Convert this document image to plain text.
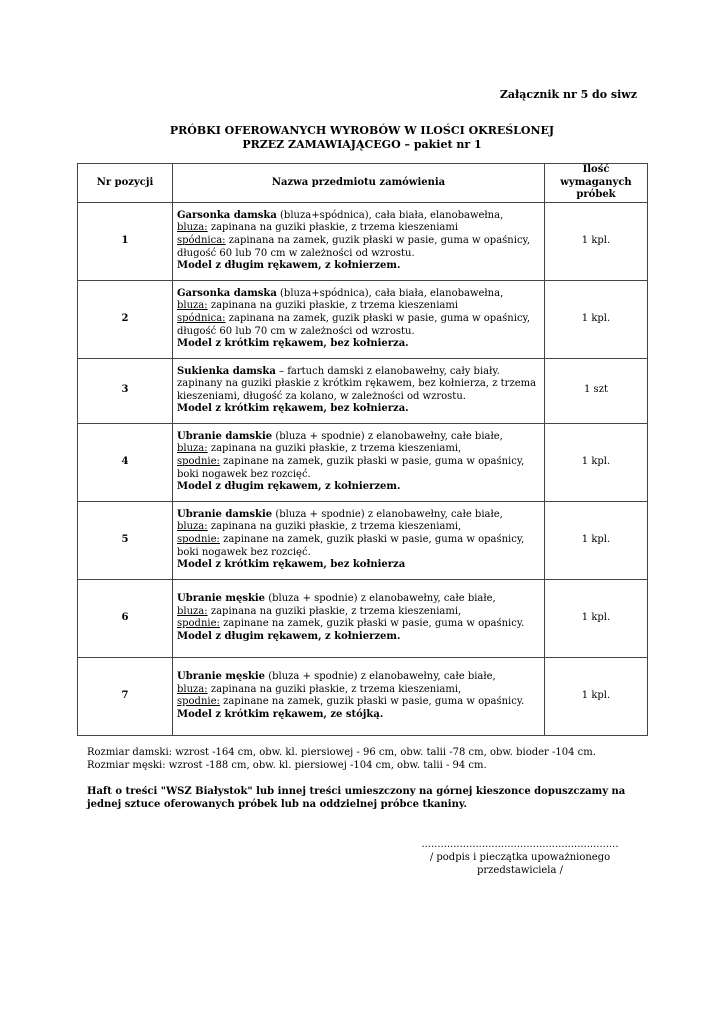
Załącznik nr 5 do siwz
PRÓBKI OFEROWANYCH WYROBÓW W ILOŚCI OKREŚLONEJ
PRZEZ ZAMAWIAJĄCEGO – pakiet nr 1
Nr pozycji	Nazwa przedmiotu zamówienia	Ilość
wymaganych
próbek

1	Garsonka damska (bluza+spódnica), cała biała, elanobawełna,
bluza: zapinana na guziki płaskie, z trzema kieszeniami
spódnica: zapinana na zamek, guzik płaski w pasie, guma w opaśnicy, długość 60 lub 70 cm w zależności od wzrostu.
Model z długim rękawem, z kołnierzem.	1 kpl.
2	Garsonka damska (bluza+spódnica), cała biała, elanobawełna,
bluza: zapinana na guziki płaskie, z trzema kieszeniami
spódnica: zapinana na zamek, guzik płaski w pasie, guma w opaśnicy, długość 60 lub 70 cm w zależności od wzrostu.
Model z krótkim rękawem, bez kołnierza.	1 kpl.
3	Sukienka damska – fartuch damski z elanobawełny, cały biały. zapinany na guziki płaskie z krótkim rękawem, bez kołnierza, z trzema kieszeniami, długość za kolano, w zależności od wzrostu.
Model z krótkim rękawem, bez kołnierza.	1 szt
4	Ubranie damskie (bluza + spodnie) z elanobawełny, całe białe,
bluza: zapinana na guziki płaskie, z trzema kieszeniami,
spodnie: zapinane na zamek, guzik płaski w pasie, guma w opaśnicy, boki nogawek bez rozcięć.
Model z długim rękawem, z kołnierzem.	1 kpl.
5	Ubranie damskie (bluza + spodnie) z elanobawełny, całe białe,
bluza: zapinana na guziki płaskie, z trzema kieszeniami,
spodnie: zapinane na zamek, guzik płaski w pasie, guma w opaśnicy, boki nogawek bez rozcięć.
Model z krótkim rękawem, bez kołnierza	1 kpl.
6	Ubranie męskie (bluza + spodnie) z elanobawełny, całe białe,
bluza: zapinana na guziki płaskie, z trzema kieszeniami,
spodnie: zapinane na zamek, guzik płaski w pasie, guma w opaśnicy.
Model z długim rękawem, z kołnierzem.	1 kpl.
7	Ubranie męskie (bluza + spodnie) z elanobawełny, całe białe,
bluza: zapinana na guziki płaskie, z trzema kieszeniami,
spodnie: zapinane na zamek, guzik płaski w pasie, guma w opaśnicy.
Model z krótkim rękawem, ze stójką.	1 kpl.
Rozmiar damski: wzrost -164 cm, obw. kl. piersiowej - 96 cm, obw. talii -78 cm, obw. bioder -104 cm.
Rozmiar męski: wzrost -188 cm, obw. kl. piersiowej -104 cm, obw. talii - 94 cm.
Haft o treści "WSZ Białystok" lub innej treści umieszczony na górnej kieszonce dopuszczamy na jednej sztuce oferowanych próbek lub na oddzielnej próbce tkaniny.
..............................................................
/ podpis i pieczątka upoważnionego
przedstawiciela /
